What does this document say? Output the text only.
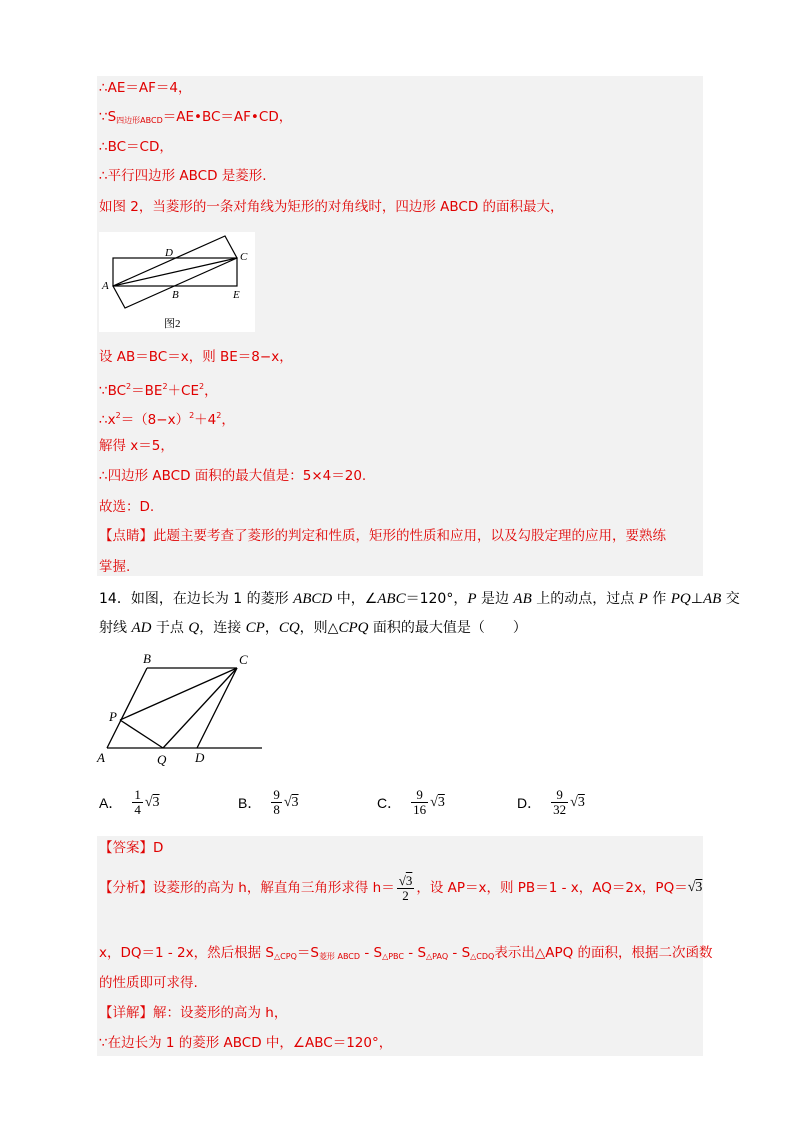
∴AE＝AF＝4，
$\because S_{四边形ABCD}=AE•BC=AF•CD$，
∴BC＝CD，
∴平行四边形 ABCD 是菱形.
如图 2，当菱形的一条对角线为矩形的对角线时，四边形 ABCD 的面积最大，
D	C
A
B	E
图2
设 AB＝BC＝x，则 BE＝8−x，
$\because BC^2=BE^2+CE^2$，
$\therefore x^2=(8-x)^2+4^2$，
解得 x＝5，
∴四边形 ABCD 面积的最大值是：5×4＝20.
故选：D.
【点睛】此题主要考查了菱形的判定和性质，矩形的性质和应用，以及勾股定理的应用，要熟练
掌握.
14．如图，在边长为 1 的菱形 ABCD 中，∠ABC＝120°，P 是边 AB 上的动点，过点 P 作 PQ⊥AB 交
射线 AD 于点 Q，连接 CP，CQ，则△CPQ 面积的最大值是（　　）
B	C
P
A	Q D
A． $\frac{1}{4} √3$	B． $\frac{9}{8} √3$	C． $\frac{9}{16} √3$	D． $\frac{9}{32} √3$
【答案】D
【分析】设菱形的高为 h，解直角三角形求得 $h= \frac{√3}{2}$ ，设 AP＝x，则 PB＝1 - x，AQ＝2x，PQ＝ √3
x，DQ＝1 - 2x，然后根据 $S_{\triangle CPQ}=S_{菱形 ABCD} - S_{\triangle PBC} - S_{\triangle PAQ} - S_{\triangle CDQ}$表示出△APQ 的面积，根据二次函数
的性质即可求得.
【详解】解：设菱形的高为 h，
∵在边长为 1 的菱形 ABCD 中，∠ABC＝120°，
